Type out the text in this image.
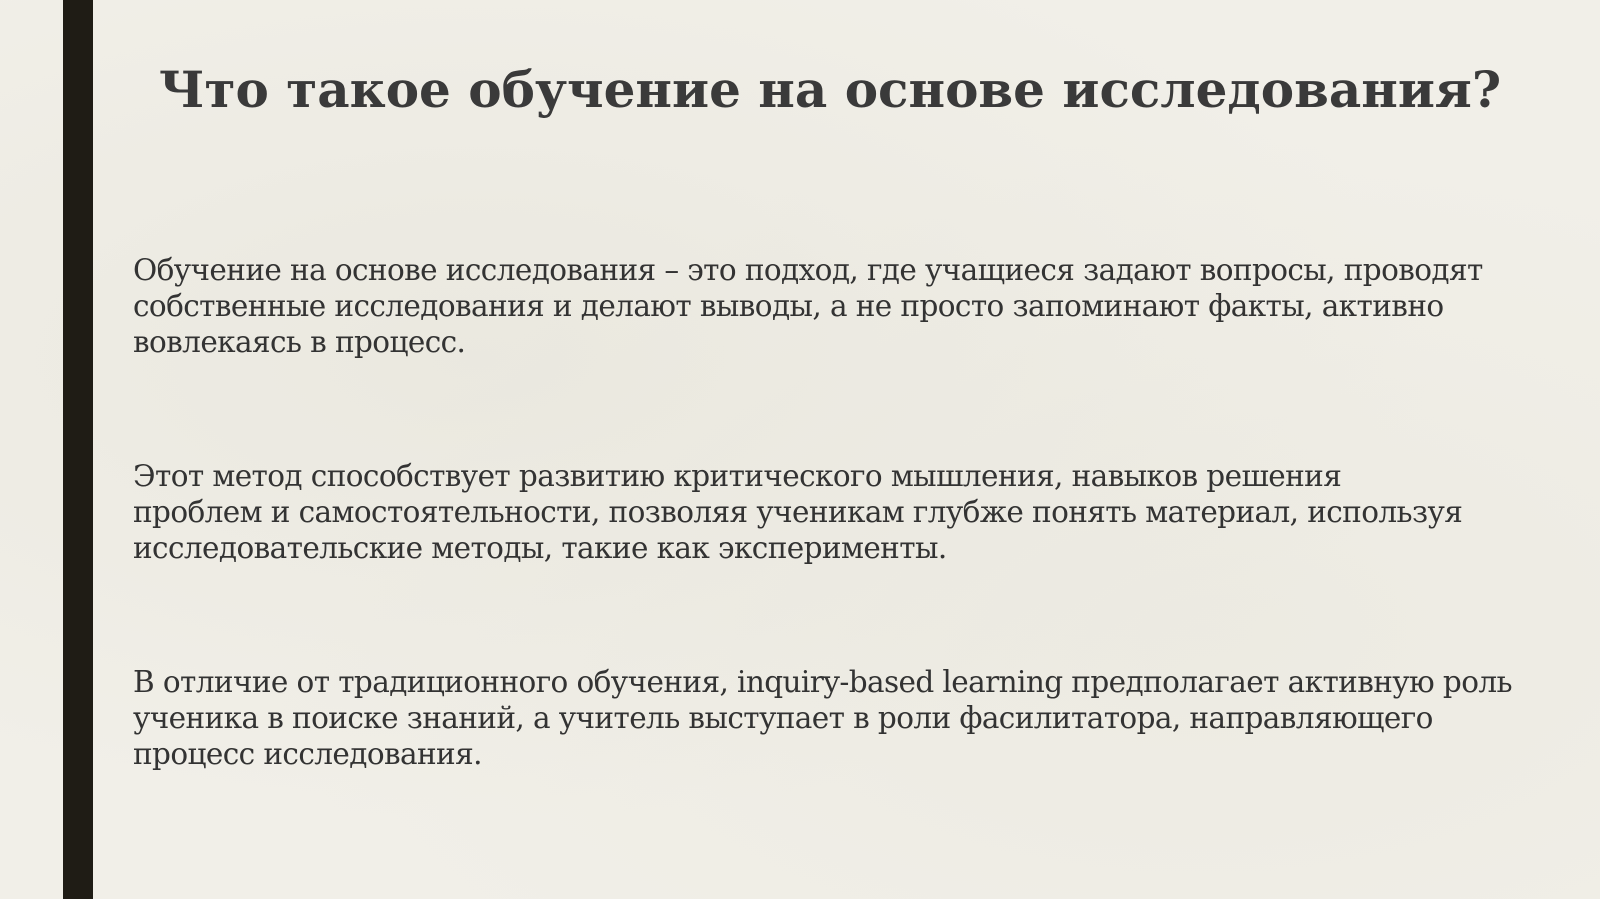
Что такое обучение на основе исследования?

Обучение на основе исследования – это подход, где учащиеся задают вопросы, проводят
собственные исследования и делают выводы, а не просто запоминают факты, активно
вовлекаясь в процесс.

Этот метод способствует развитию критического мышления, навыков решения
проблем и самостоятельности, позволяя ученикам глубже понять материал, используя
исследовательские методы, такие как эксперименты.

В отличие от традиционного обучения, inquiry-based learning предполагает активную роль
ученика в поиске знаний, а учитель выступает в роли фасилитатора, направляющего
процесс исследования.
